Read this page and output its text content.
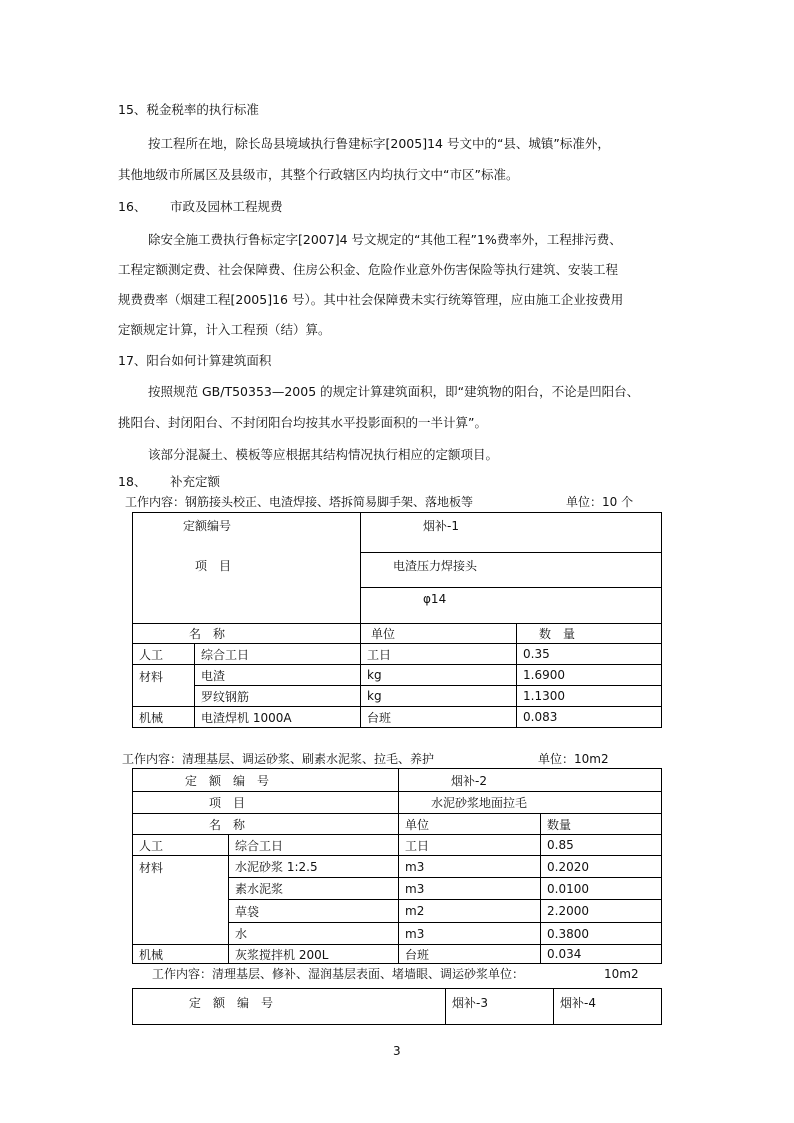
15、税金税率的执行标准
按工程所在地，除长岛县境域执行鲁建标字[2005]14 号文中的“县、城镇”标准外，
其他地级市所属区及县级市，其整个行政辖区内均执行文中“市区”标准。
16、 市政及园林工程规费
除安全施工费执行鲁标定字[2007]4 号文规定的“其他工程”1%费率外，工程排污费、
工程定额测定费、社会保障费、住房公积金、危险作业意外伤害保险等执行建筑、安装工程
规费费率（烟建工程[2005]16 号）。其中社会保障费未实行统筹管理，应由施工企业按费用
定额规定计算，计入工程预（结）算。
17、阳台如何计算建筑面积
按照规范 GB/T50353—2005 的规定计算建筑面积，即“建筑物的阳台，不论是凹阳台、
挑阳台、封闭阳台、不封闭阳台均按其水平投影面积的一半计算”。
该部分混凝土、模板等应根据其结构情况执行相应的定额项目。
18、 补充定额
工作内容：钢筋接头校正、电渣焊接、塔拆简易脚手架、落地板等	单位：10 个
定额编号		烟补-1	
项　目		电渣压力焊接头	
		φ14	
名　称		单位	数　量
人工	综合工日	工日	0.35
材料	电渣	kg	1.6900
	罗纹钢筋	kg	1.1300
机械	电渣焊机 1000A	台班	0.083
工作内容：清理基层、调运砂浆、刷素水泥浆、拉毛、养护	单位：10m2
定　额　编　号		烟补-2	
项　目		水泥砂浆地面拉毛	
名　称		单位	数量
人工	综合工日	工日	0.85
材料	水泥砂浆 1:2.5	m3	0.2020
	素水泥浆	m3	0.0100
	草袋	m2	2.2000
	水	m3	0.3800
机械	灰浆搅拌机 200L	台班	0.034
工作内容：清理基层、修补、湿润基层表面、堵墙眼、调运砂浆单位：	10m2
定　额　编　号	烟补-3	烟补-4
3
